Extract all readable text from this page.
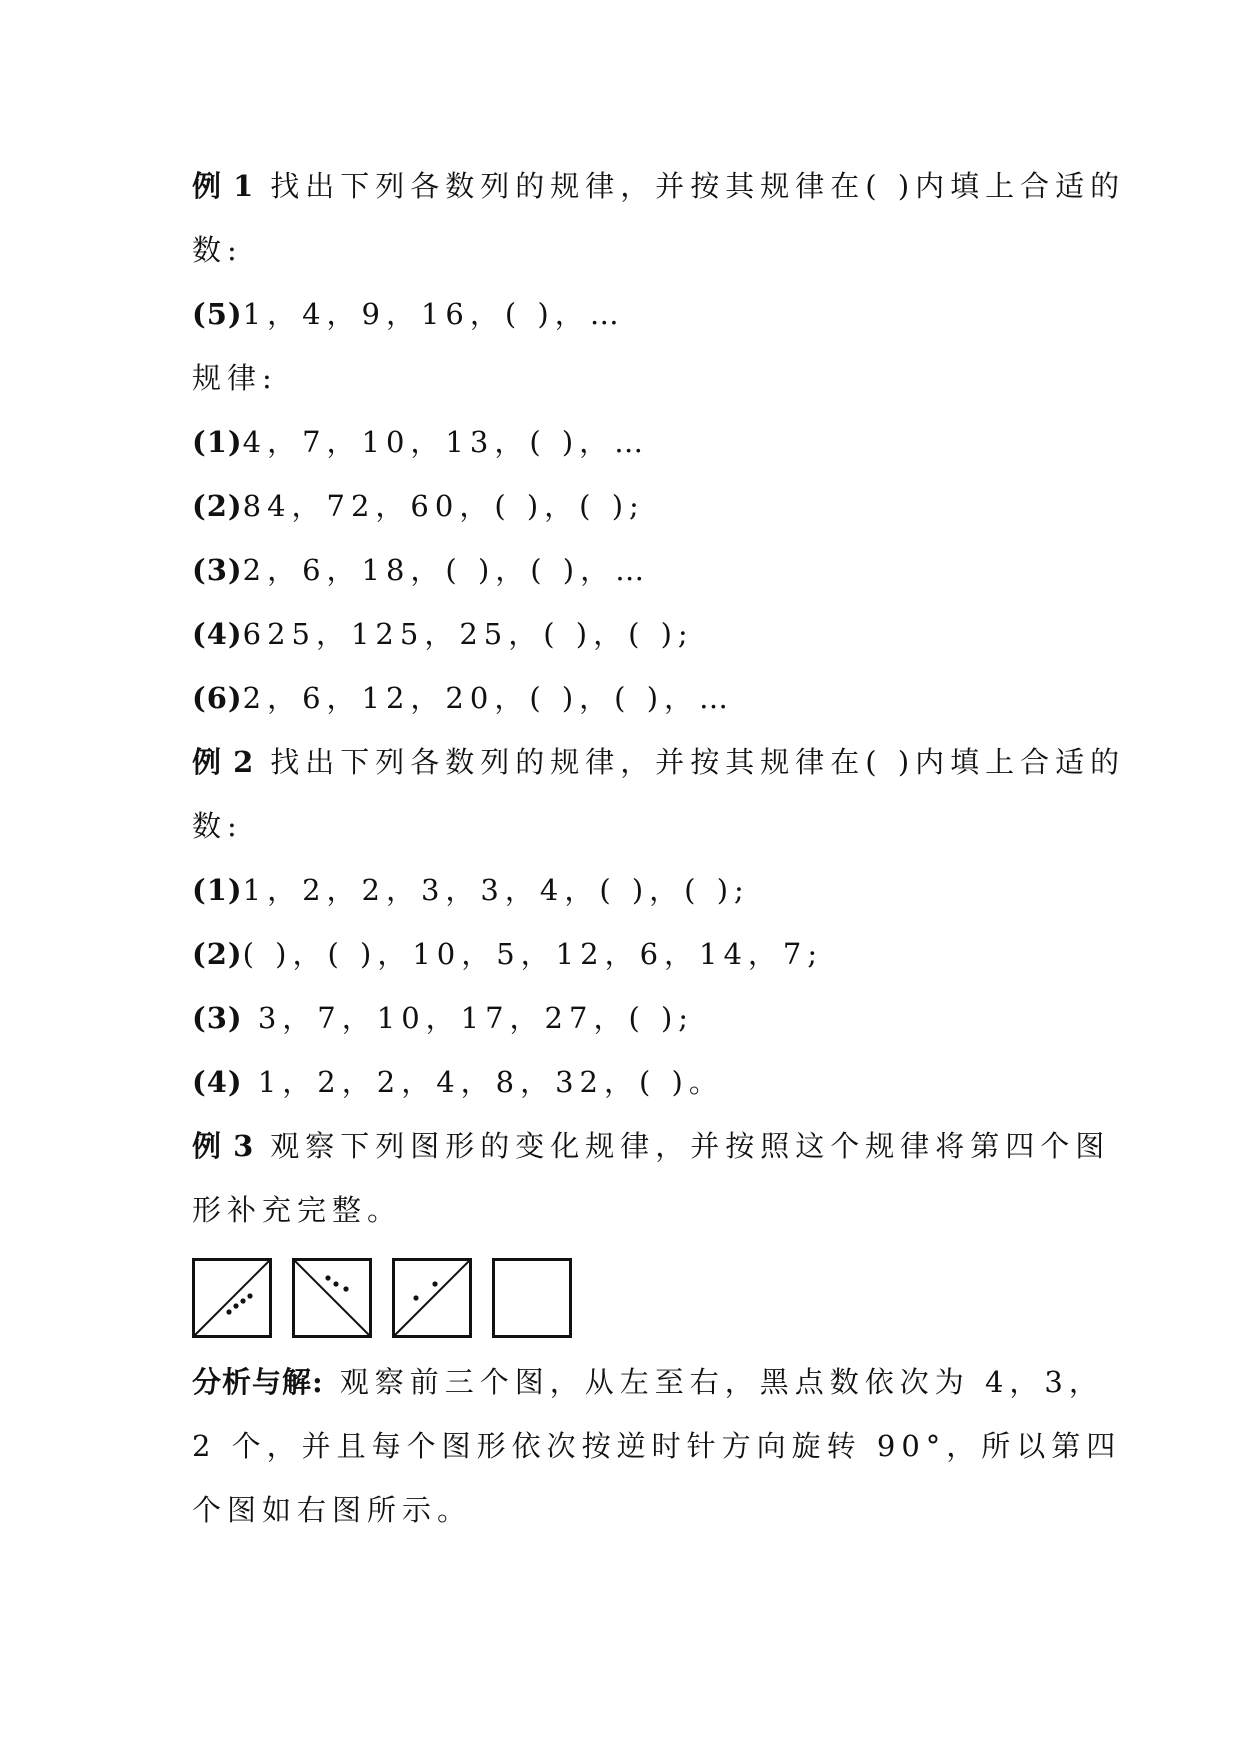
例 1 找出下列各数列的规律，并按其规律在( )内填上合适的
数:
(5)1，4，9，16，( )，…
规律:
(1)4，7，10，13，( )，…
(2)84，72，60，( )，( );
(3)2，6，18，( )，( )，…
(4)625，125，25，( )，( );
(6)2，6，12，20，( )，( )，…
例 2 找出下列各数列的规律，并按其规律在( )内填上合适的
数:
(1)1，2，2，3，3，4，( )，( );
(2)( )，( )，10，5，12，6，14，7;
(3) 3，7，10，17，27，( );
(4) 1，2，2，4，8，32，( )。
例 3 观察下列图形的变化规律，并按照这个规律将第四个图
形补充完整。
分析与解: 观察前三个图，从左至右，黑点数依次为 4，3，
2 个，并且每个图形依次按逆时针方向旋转 90°，所以第四
个图如右图所示。
